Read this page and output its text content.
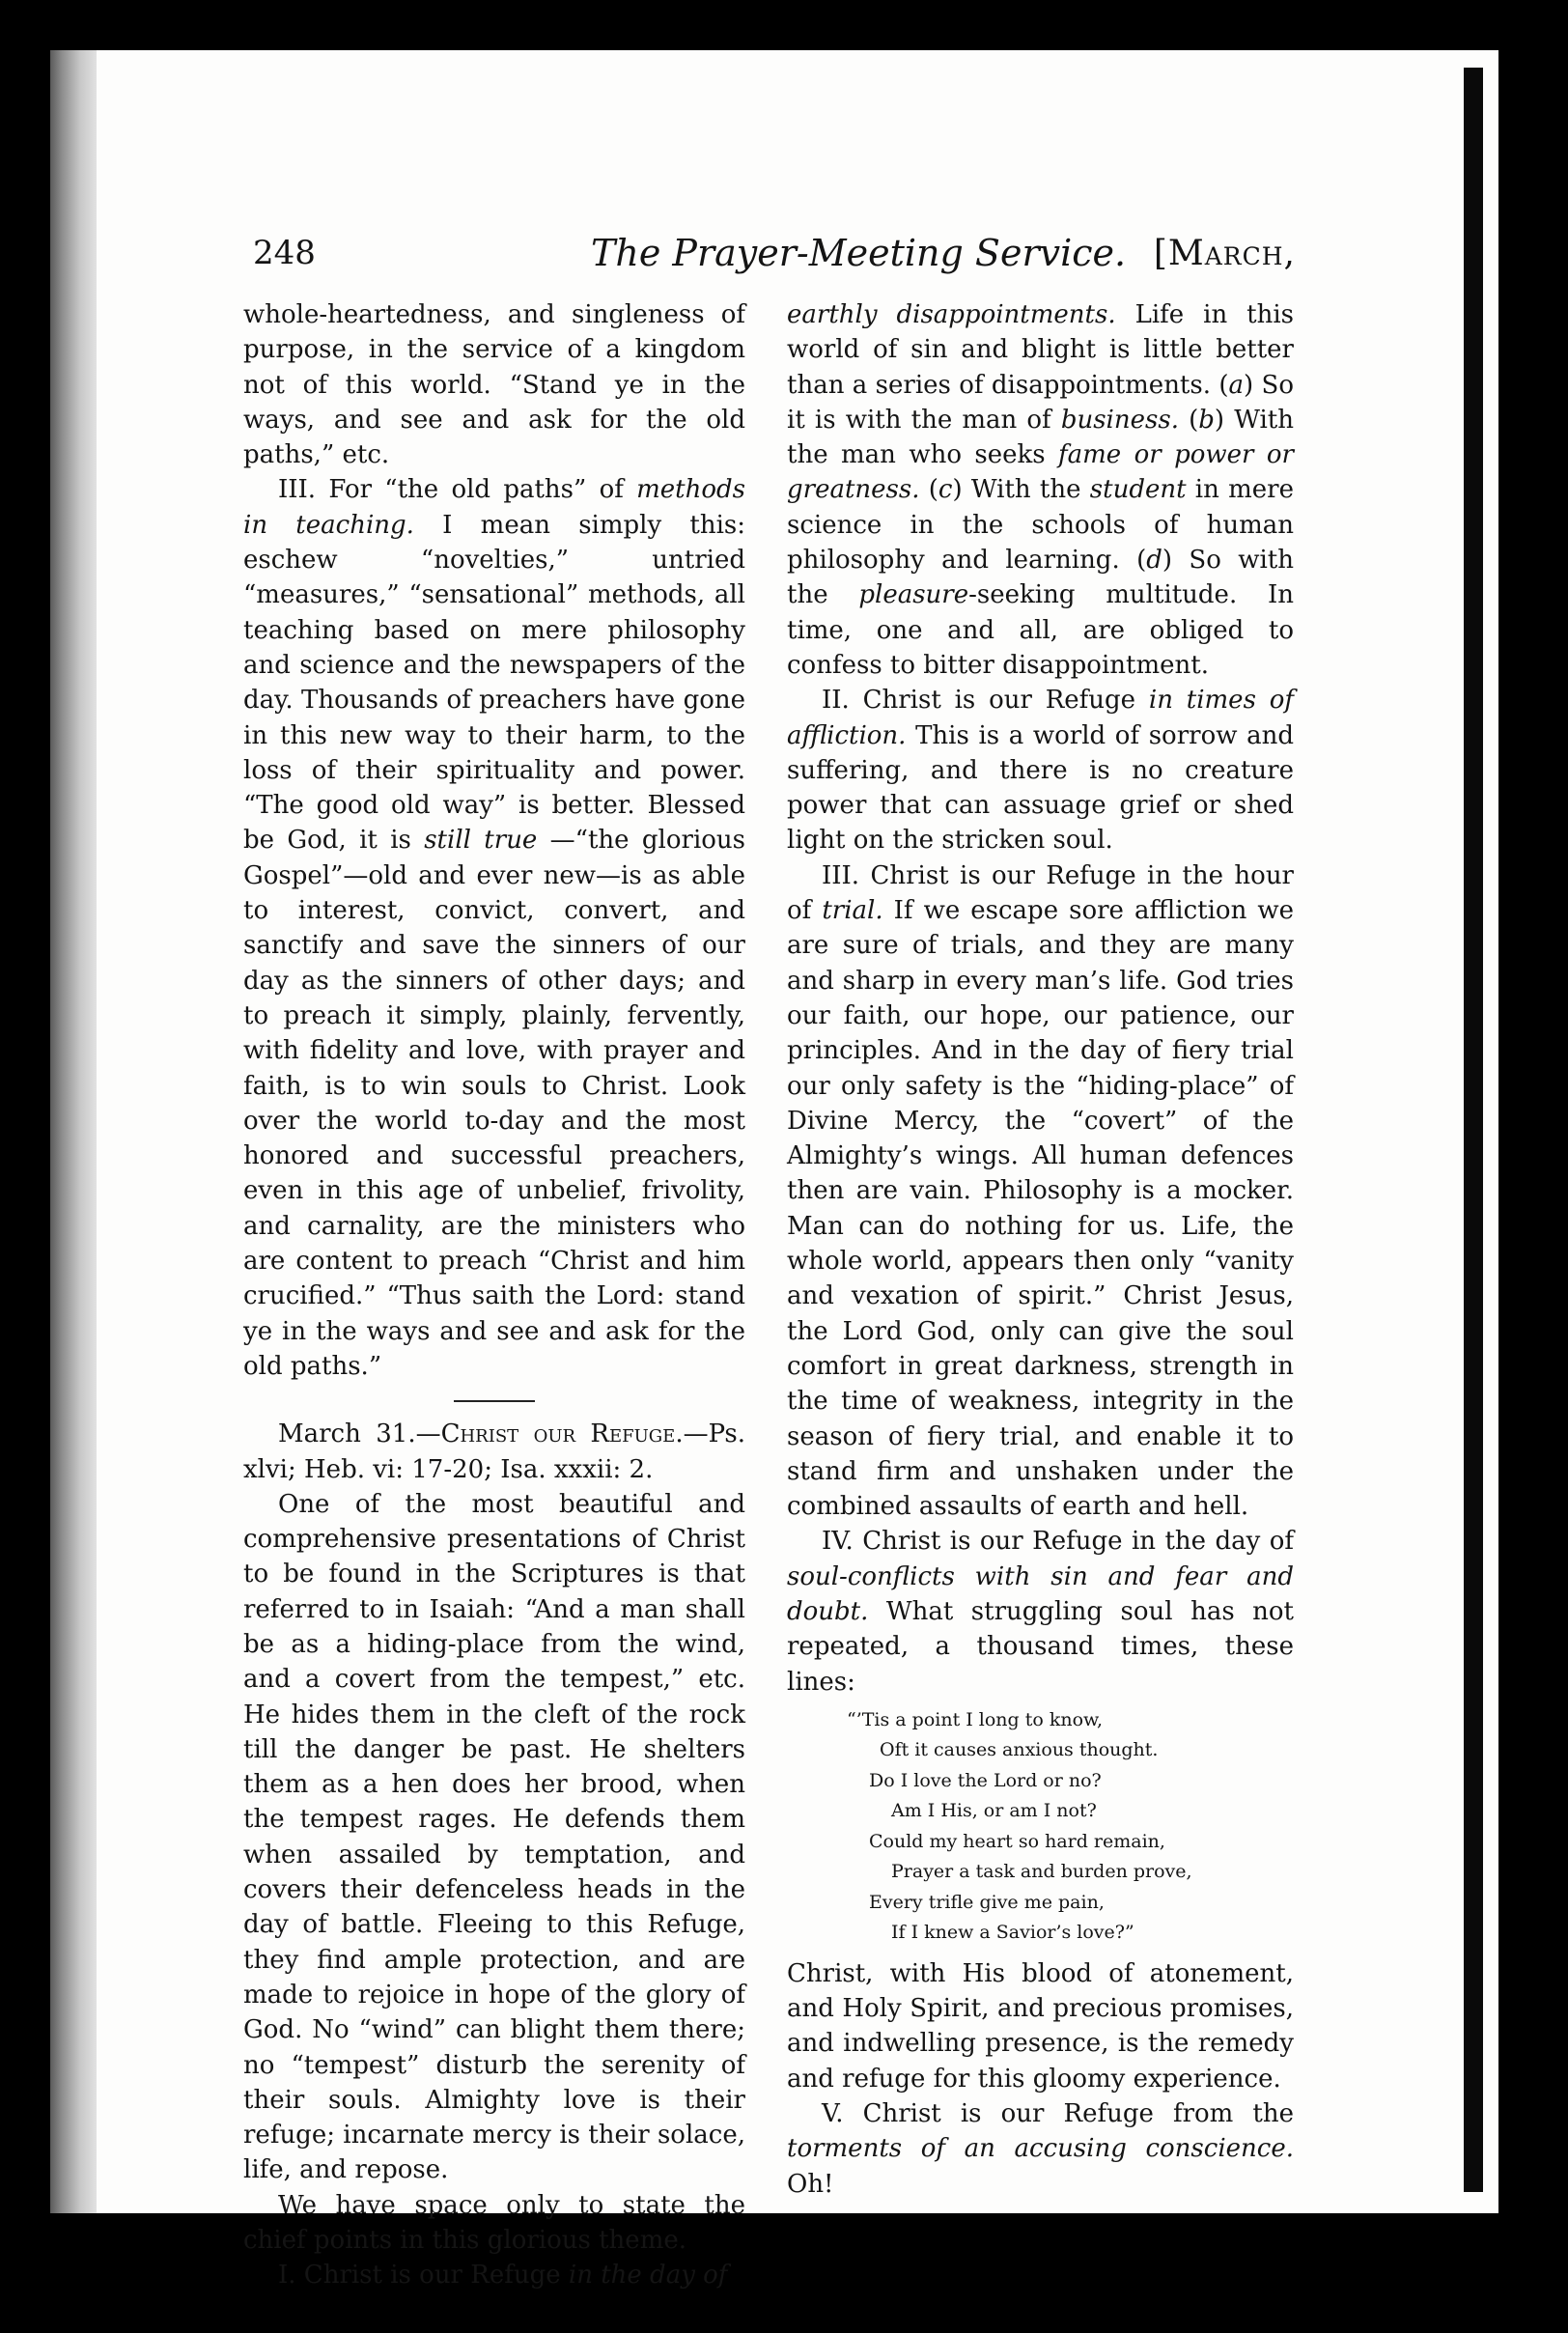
248	The Prayer-Meeting Service. [March,

whole-heartedness, and singleness of purpose, in the service of a kingdom not of this world. “Stand ye in the ways, and see and ask for the old paths,” etc.

III. For “the old paths” of methods in teaching. I mean simply this: eschew “novelties,” untried “measures,” “sensational” methods, all teaching based on mere philosophy and science and the newspapers of the day. Thousands of preachers have gone in this new way to their harm, to the loss of their spirituality and power. “The good old way” is better. Blessed be God, it is still true —“the glorious Gospel”—old and ever new—is as able to interest, convict, convert, and sanctify and save the sinners of our day as the sinners of other days; and to preach it simply, plainly, fervently, with fidelity and love, with prayer and faith, is to win souls to Christ. Look over the world to-day and the most honored and successful preachers, even in this age of unbelief, frivolity, and carnality, are the ministers who are content to preach “Christ and him crucified.” “Thus saith the Lord: stand ye in the ways and see and ask for the old paths.”

March 31.—Christ our Refuge.—Ps. xlvi; Heb. vi: 17-20; Isa. xxxii: 2.

One of the most beautiful and comprehensive presentations of Christ to be found in the Scriptures is that referred to in Isaiah: “And a man shall be as a hiding-place from the wind, and a covert from the tempest,” etc. He hides them in the cleft of the rock till the danger be past. He shelters them as a hen does her brood, when the tempest rages. He defends them when assailed by temptation, and covers their defenceless heads in the day of battle. Fleeing to this Refuge, they find ample protection, and are made to rejoice in hope of the glory of God. No “wind” can blight them there; no “tempest” disturb the serenity of their souls. Almighty love is their refuge; incarnate mercy is their solace, life, and repose.

We have space only to state the chief points in this glorious theme.

I. Christ is our Refuge in the day of

earthly disappointments. Life in this world of sin and blight is little better than a series of disappointments. (a) So it is with the man of business. (b) With the man who seeks fame or power or greatness. (c) With the student in mere science in the schools of human philosophy and learning. (d) So with the pleasure-seeking multitude. In time, one and all, are obliged to confess to bitter disappointment.

II. Christ is our Refuge in times of affliction. This is a world of sorrow and suffering, and there is no creature power that can assuage grief or shed light on the stricken soul.

III. Christ is our Refuge in the hour of trial. If we escape sore affliction we are sure of trials, and they are many and sharp in every man’s life. God tries our faith, our hope, our patience, our principles. And in the day of fiery trial our only safety is the “hiding-place” of Divine Mercy, the “covert” of the Almighty’s wings. All human defences then are vain. Philosophy is a mocker. Man can do nothing for us. Life, the whole world, appears then only “vanity and vexation of spirit.” Christ Jesus, the Lord God, only can give the soul comfort in great darkness, strength in the time of weakness, integrity in the season of fiery trial, and enable it to stand firm and unshaken under the combined assaults of earth and hell.

IV. Christ is our Refuge in the day of soul-conflicts with sin and fear and doubt. What struggling soul has not repeated, a thousand times, these lines:

“’Tis a point I long to know,
Oft it causes anxious thought.
Do I love the Lord or no?
Am I His, or am I not?
Could my heart so hard remain,
Prayer a task and burden prove,
Every trifle give me pain,
If I knew a Savior’s love?”

Christ, with His blood of atonement, and Holy Spirit, and precious promises, and indwelling presence, is the remedy and refuge for this gloomy experience.

V. Christ is our Refuge from the torments of an accusing conscience. Oh!
